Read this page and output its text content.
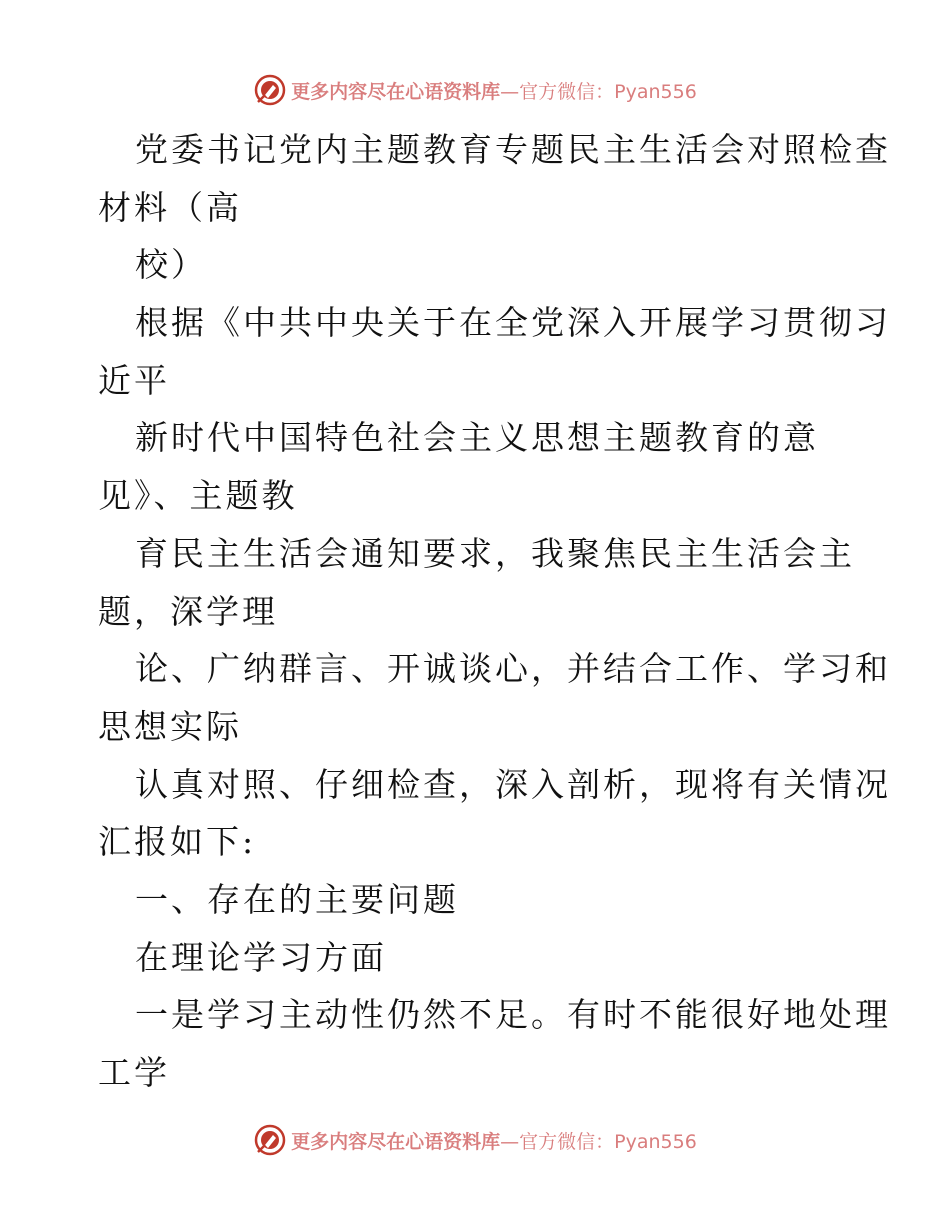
更多内容尽在心语资料库 —官方微信：Pyan556
党委书记党内主题教育专题民主生活会对照检查
材料（高
校）
根据《中共中央关于在全党深入开展学习贯彻习
近平
新时代中国特色社会主义思想主题教育的意
见》、主题教
育民主生活会通知要求，我聚焦民主生活会主
题，深学理
论、广纳群言、开诚谈心，并结合工作、学习和
思想实际
认真对照、仔细检查，深入剖析，现将有关情况
汇报如下:
一、存在的主要问题
在理论学习方面
一是学习主动性仍然不足。有时不能很好地处理
工学
更多内容尽在心语资料库 —官方微信：Pyan556
